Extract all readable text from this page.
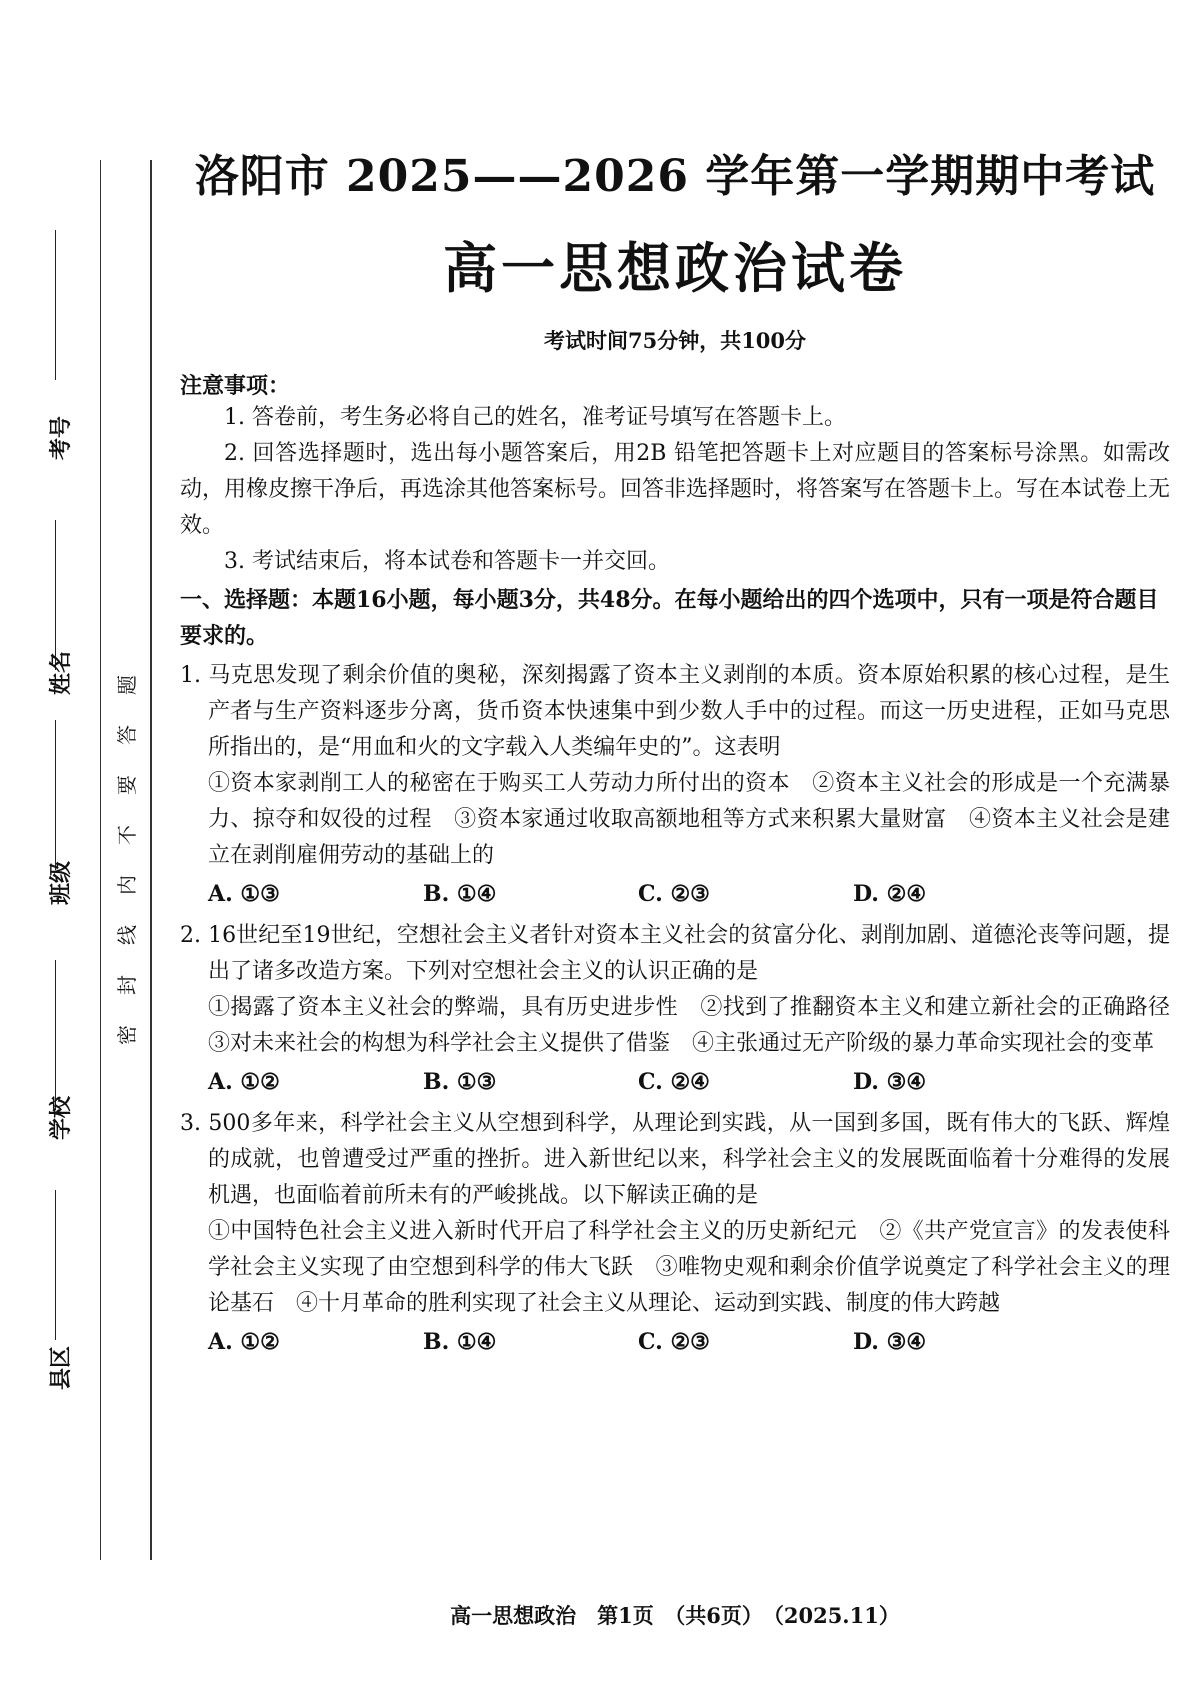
考号
姓名
班级
学校
县区
题
答
要
不
内
线
封
密
洛阳市 2025——2026 学年第一学期期中考试
高一思想政治试卷
考试时间75分钟，共100分
注意事项：

1. 答卷前，考生务必将自己的姓名，准考证号填写在答题卡上。

2. 回答选择题时，选出每小题答案后，用2B 铅笔把答题卡上对应题目的答案标号涂黑。如需改动，用橡皮擦干净后，再选涂其他答案标号。回答非选择题时，将答案写在答题卡上。写在本试卷上无效。

3. 考试结束后，将本试卷和答题卡一并交回。

一、选择题：本题16小题，每小题3分，共48分。在每小题给出的四个选项中，只有一项是符合题目要求的。

1. 马克思发现了剩余价值的奥秘，深刻揭露了资本主义剥削的本质。资本原始积累的核心过程，是生产者与生产资料逐步分离，货币资本快速集中到少数人手中的过程。而这一历史进程，正如马克思所指出的，是“用血和火的文字载入人类编年史的”。这表明

①资本家剥削工人的秘密在于购买工人劳动力所付出的资本　②资本主义社会的形成是一个充满暴力、掠夺和奴役的过程　③资本家通过收取高额地租等方式来积累大量财富　④资本主义社会是建立在剥削雇佣劳动的基础上的

A. ①③	B. ①④	C. ②③	D. ②④

2. 16世纪至19世纪，空想社会主义者针对资本主义社会的贫富分化、剥削加剧、道德沦丧等问题，提出了诸多改造方案。下列对空想社会主义的认识正确的是

①揭露了资本主义社会的弊端，具有历史进步性　②找到了推翻资本主义和建立新社会的正确路径　③对未来社会的构想为科学社会主义提供了借鉴　④主张通过无产阶级的暴力革命实现社会的变革

A. ①②	B. ①③	C. ②④	D. ③④

3. 500多年来，科学社会主义从空想到科学，从理论到实践，从一国到多国，既有伟大的飞跃、辉煌的成就，也曾遭受过严重的挫折。进入新世纪以来，科学社会主义的发展既面临着十分难得的发展机遇，也面临着前所未有的严峻挑战。以下解读正确的是

①中国特色社会主义进入新时代开启了科学社会主义的历史新纪元　②《共产党宣言》的发表使科学社会主义实现了由空想到科学的伟大飞跃　③唯物史观和剩余价值学说奠定了科学社会主义的理论基石　④十月革命的胜利实现了社会主义从理论、运动到实践、制度的伟大跨越

A. ①②	B. ①④	C. ②③	D. ③④
高一思想政治　第1页　（共6页）　（2025.11）
